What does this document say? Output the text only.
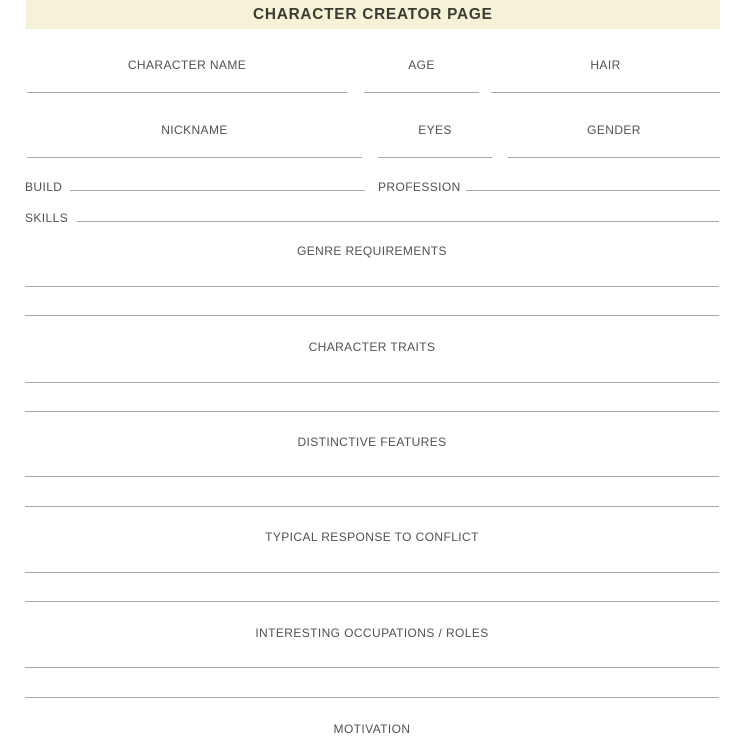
CHARACTER CREATOR PAGE
CHARACTER NAME	AGE	HAIR
NICKNAME	EYES	GENDER
BUILD	PROFESSION
SKILLS
GENRE REQUIREMENTS
CHARACTER TRAITS
DISTINCTIVE FEATURES
TYPICAL RESPONSE TO CONFLICT
INTERESTING OCCUPATIONS / ROLES
MOTIVATION
